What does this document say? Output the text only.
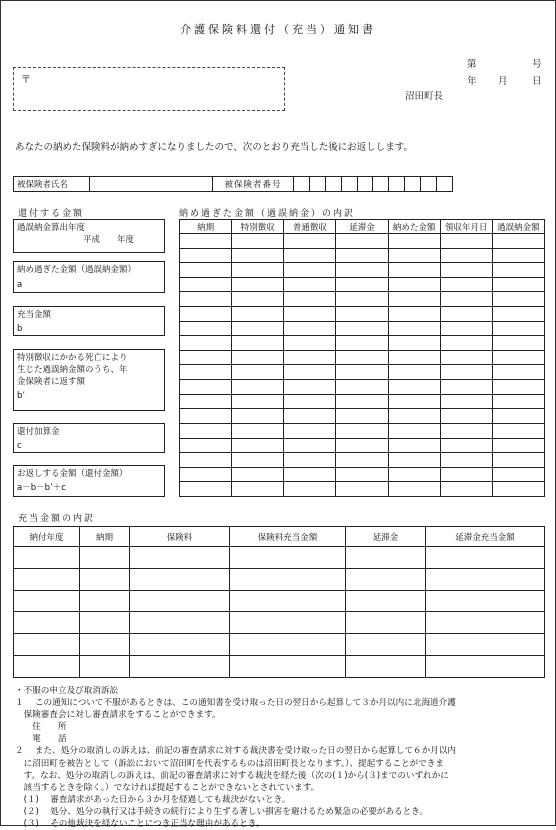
介護保険料還付（充当）通知書
〒
第	号
年 月	日
沼田町長
あなたの納めた保険料が納めすぎになりましたので、次のとおり充当した後にお返しします。
被保険者氏名		被保険者番号										
還付する金額
過誤納金算出年度
平成　　年度
納め過ぎた金額（過誤納金額）
a
充当金額
b
特別徴収にかかる死亡により
生じた過誤納金額のうち、年
金保険者に返す額
b’
還付加算金
c
お返しする金額（還付金額）
a－b－b’＋c
納め過ぎた金額（過誤納金）の内訳
納期	特別徴収	普通徴収	延滞金	納めた金額	領収年月日	過誤納金額

充当金額の内訳
納付年度	納期	保険料	保険料充当金額	延滞金	延滞金充当金額

・不服の申立及び取消訴訟
１　 この通知について不服があるときは、この通知書を受け取った日の翌日から起算して３か月以内に北海道介護
　保険審査会に対し審査請求をすることができます。
　　住　　所
　　電　　話
２　 また、処分の取消しの訴えは、前記の審査請求に対する裁決書を受け取った日の翌日から起算して６か月以内
　に沼田町を被告として（訴訟において沼田町を代表するものは沼田町長となります。）、提起することができま
　す。なお、処分の取消しの訴えは、前記の審査請求に対する裁決を経た後（次の(１)から(３)までのいずれかに
　該当するときを除く。）でなければ提起することができないとされています。
　(１)　 審査請求があった日から３か月を経過しても裁決がないとき。
　(２)　 処分、処分の執行又は手続きの続行により生ずる著しい損害を避けるため緊急の必要があるとき。
　(３)　 その他裁決を経ないことにつき正当な理由があるとき。
